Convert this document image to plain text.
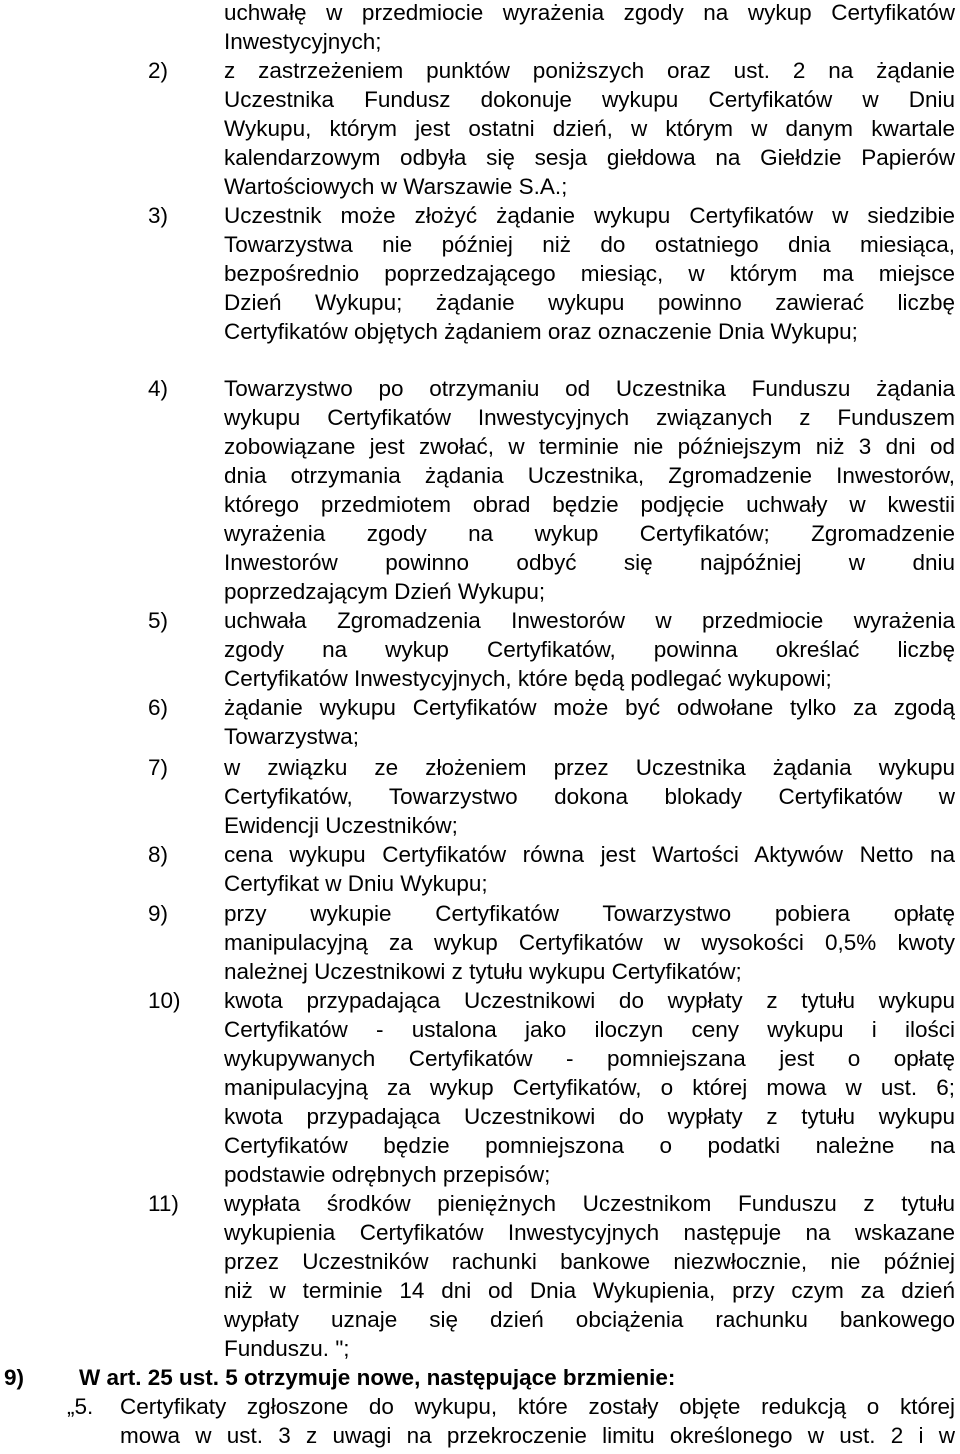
uchwałę w przedmiocie wyrażenia zgody na wykup Certyfikatów
Inwestycyjnych;
2) z zastrzeżeniem punktów poniższych oraz ust. 2 na żądanie
Uczestnika Fundusz dokonuje wykupu Certyfikatów w Dniu
Wykupu, którym jest ostatni dzień, w którym w danym kwartale
kalendarzowym odbyła się sesja giełdowa na Giełdzie Papierów
Wartościowych w Warszawie S.A.;
3) Uczestnik może złożyć żądanie wykupu Certyfikatów w siedzibie
Towarzystwa nie później niż do ostatniego dnia miesiąca,
bezpośrednio poprzedzającego miesiąc, w którym ma miejsce
Dzień Wykupu; żądanie wykupu powinno zawierać liczbę
Certyfikatów objętych żądaniem oraz oznaczenie Dnia Wykupu;
4) Towarzystwo po otrzymaniu od Uczestnika Funduszu żądania
wykupu Certyfikatów Inwestycyjnych związanych z Funduszem
zobowiązane jest zwołać, w terminie nie późniejszym niż 3 dni od
dnia otrzymania żądania Uczestnika, Zgromadzenie Inwestorów,
którego przedmiotem obrad będzie podjęcie uchwały w kwestii
wyrażenia zgody na wykup Certyfikatów; Zgromadzenie
Inwestorów powinno odbyć się najpóźniej w dniu
poprzedzającym Dzień Wykupu;
5) uchwała Zgromadzenia Inwestorów w przedmiocie wyrażenia
zgody na wykup Certyfikatów, powinna określać liczbę
Certyfikatów Inwestycyjnych, które będą podlegać wykupowi;
6) żądanie wykupu Certyfikatów może być odwołane tylko za zgodą
Towarzystwa;
7) w związku ze złożeniem przez Uczestnika żądania wykupu
Certyfikatów, Towarzystwo dokona blokady Certyfikatów w
Ewidencji Uczestników;
8) cena wykupu Certyfikatów równa jest Wartości Aktywów Netto na
Certyfikat w Dniu Wykupu;
9) przy wykupie Certyfikatów Towarzystwo pobiera opłatę
manipulacyjną za wykup Certyfikatów w wysokości 0,5% kwoty
należnej Uczestnikowi z tytułu wykupu Certyfikatów;
10) kwota przypadająca Uczestnikowi do wypłaty z tytułu wykupu
Certyfikatów - ustalona jako iloczyn ceny wykupu i ilości
wykupywanych Certyfikatów - pomniejszana jest o opłatę
manipulacyjną za wykup Certyfikatów, o której mowa w ust. 6;
kwota przypadająca Uczestnikowi do wypłaty z tytułu wykupu
Certyfikatów będzie pomniejszona o podatki należne na
podstawie odrębnych przepisów;
11) wypłata środków pieniężnych Uczestnikom Funduszu z tytułu
wykupienia Certyfikatów Inwestycyjnych następuje na wskazane
przez Uczestników rachunki bankowe niezwłocznie, nie później
niż w terminie 14 dni od Dnia Wykupienia, przy czym za dzień
wypłaty uznaje się dzień obciążenia rachunku bankowego
Funduszu. ";
9) W art. 25 ust. 5 otrzymuje nowe, następujące brzmienie:
„5. Certyfikaty zgłoszone do wykupu, które zostały objęte redukcją o której
mowa w ust. 3 z uwagi na przekroczenie limitu określonego w ust. 2 i w
